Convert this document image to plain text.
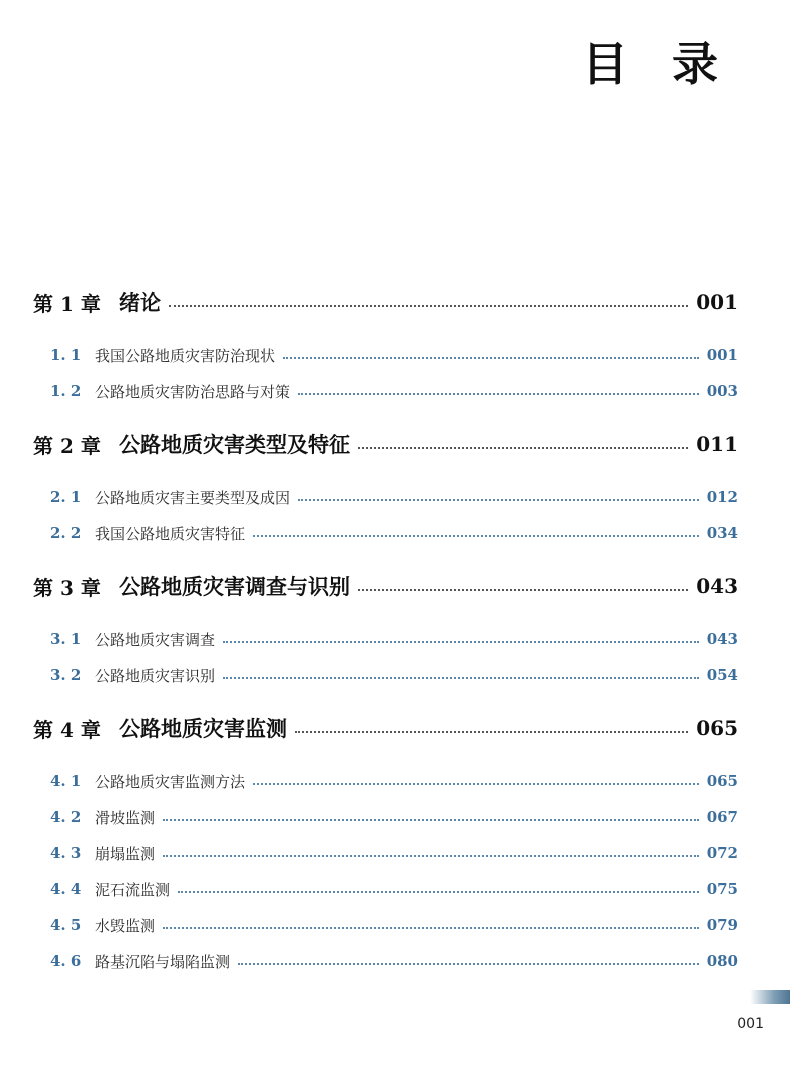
目 录
第 1 章 绪论	001
1. 1 我国公路地质灾害防治现状	001
1. 2 公路地质灾害防治思路与对策	003
第 2 章 公路地质灾害类型及特征	011
2. 1 公路地质灾害主要类型及成因	012
2. 2 我国公路地质灾害特征	034
第 3 章 公路地质灾害调查与识别	043
3. 1 公路地质灾害调查	043
3. 2 公路地质灾害识别	054
第 4 章 公路地质灾害监测	065
4. 1 公路地质灾害监测方法	065
4. 2 滑坡监测	067
4. 3 崩塌监测	072
4. 4 泥石流监测	075
4. 5 水毁监测	079
4. 6 路基沉陷与塌陷监测	080
001
